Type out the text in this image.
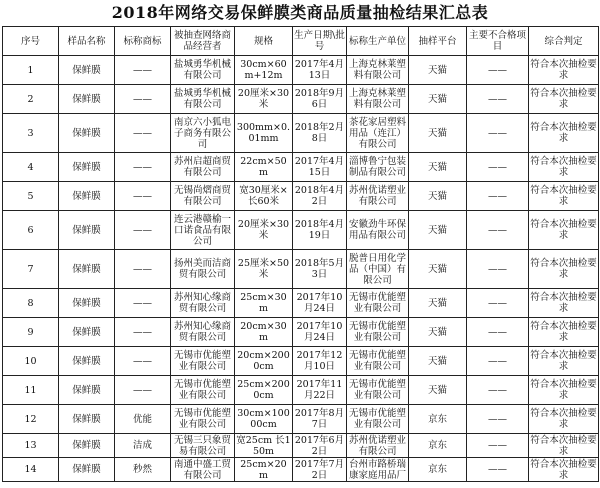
2018年网络交易保鲜膜类商品质量抽检结果汇总表
序号	样品名称	标称商标	被抽查网络商品经营者	规格	生产日期\批号	标称生产单位	抽样平台	主要不合格项目	综合判定
1	保鲜膜	——	盐城勇华机械有限公司	30cm×60m+12m	2017年4月13日	上海克林莱塑料有限公司	天猫	——	符合本次抽检要求
2	保鲜膜	——	盐城勇华机械有限公司	20厘米×30米	2018年9月6日	上海克林莱塑料有限公司	天猫	——	符合本次抽检要求
3	保鲜膜	——	南京六小狐电子商务有限公司	300mm×0.01mm	2018年2月8日	茶花家居塑料用品（连江）有限公司	天猫	——	符合本次抽检要求
4	保鲜膜	——	苏州启超商贸有限公司	22cm×50m	2017年4月15日	淄博鲁宁包装制品有限公司	天猫	——	符合本次抽检要求
5	保鲜膜	——	无锡尚熠商贸有限公司	宽30厘米×长60米	2018年4月2日	苏州优诺塑业有限公司	天猫	——	符合本次抽检要求
6	保鲜膜	——	连云港赣榆一口诺食品有限公司	20厘米×30米	2018年4月19日	安徽劲牛环保用品有限公司	天猫	——	符合本次抽检要求
7	保鲜膜	——	扬州美而洁商贸有限公司	25厘米×50米	2018年5月3日	脱普日用化学品（中国）有限公司	天猫	——	符合本次抽检要求
8	保鲜膜	——	苏州知心缘商贸有限公司	25cm×30m	2017年10月24日	无锡市优能塑业有限公司	天猫	——	符合本次抽检要求
9	保鲜膜	——	苏州知心缘商贸有限公司	20cm×30m	2017年10月24日	无锡市优能塑业有限公司	天猫	——	符合本次抽检要求
10	保鲜膜	——	无锡市优能塑业有限公司	20cm×2000cm	2017年12月10日	无锡市优能塑业有限公司	天猫	——	符合本次抽检要求
11	保鲜膜	——	无锡市优能塑业有限公司	25cm×2000cm	2017年11月22日	无锡市优能塑业有限公司	天猫	——	符合本次抽检要求
12	保鲜膜	优能	无锡市优能塑业有限公司	30cm×10000cm	2017年8月7日	无锡市优能塑业有限公司	京东	——	符合本次抽检要求
13	保鲜膜	洁成	无锡三只象贸易有限公司	宽25cm 长150m	2017年6月2日	苏州优诺塑业有限公司	京东	——	符合本次抽检要求
14	保鲜膜	秒然	南通中盛工贸有限公司	25cm×20m	2017年7月2日	台州市路桥瑞康家庭用品厂	京东	——	符合本次抽检要求
